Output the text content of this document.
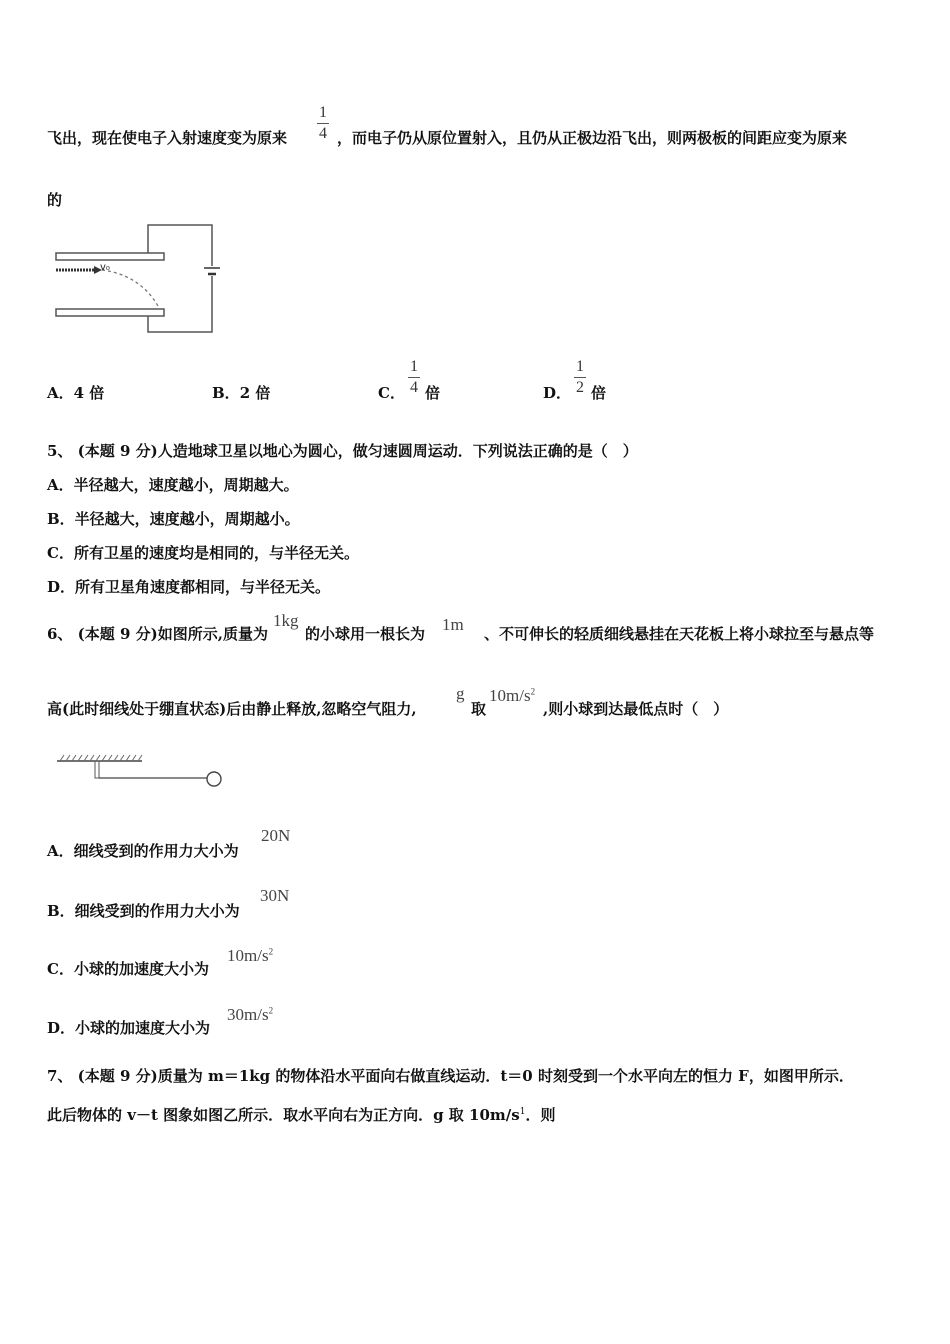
飞出，现在使电子入射速度变为原来
1
4 ，而电子仍从原位置射入，且仍从正极边沿飞出，则两极板的间距应变为原来
的
v₀
A．4 倍	B．2 倍	C．
1
4 倍	D．
1
2 倍
5、 (本题 9 分)人造地球卫星以地心为圆心，做匀速圆周运动．下列说法正确的是（　）
A．半径越大，速度越小，周期越大。
B．半径越大，速度越小，周期越小。
C．所有卫星的速度均是相同的，与半径无关。
D．所有卫星角速度都相同，与半径无关。
6、 (本题 9 分)如图所示,质量为
1kg
的小球用一根长为 1m 、不可伸长的轻质细线悬挂在天花板上将小球拉至与悬点等
高(此时细线处于绷直状态)后由静止释放,忽略空气阻力,
g
取
$10m/s^2$
,则小球到达最低点时（　）
A．细线受到的作用力大小为
20N
B．细线受到的作用力大小为
30N
C．小球的加速度大小为
$10m/s^2$
D．小球的加速度大小为
$30m/s^2$
7、 (本题 9 分)质量为 m＝1kg 的物体沿水平面向右做直线运动．t＝0 时刻受到一个水平向左的恒力 F，如图甲所示．
此后物体的 v－t 图象如图乙所示．取水平向右为正方向．g 取 $10m/s^1$．则
